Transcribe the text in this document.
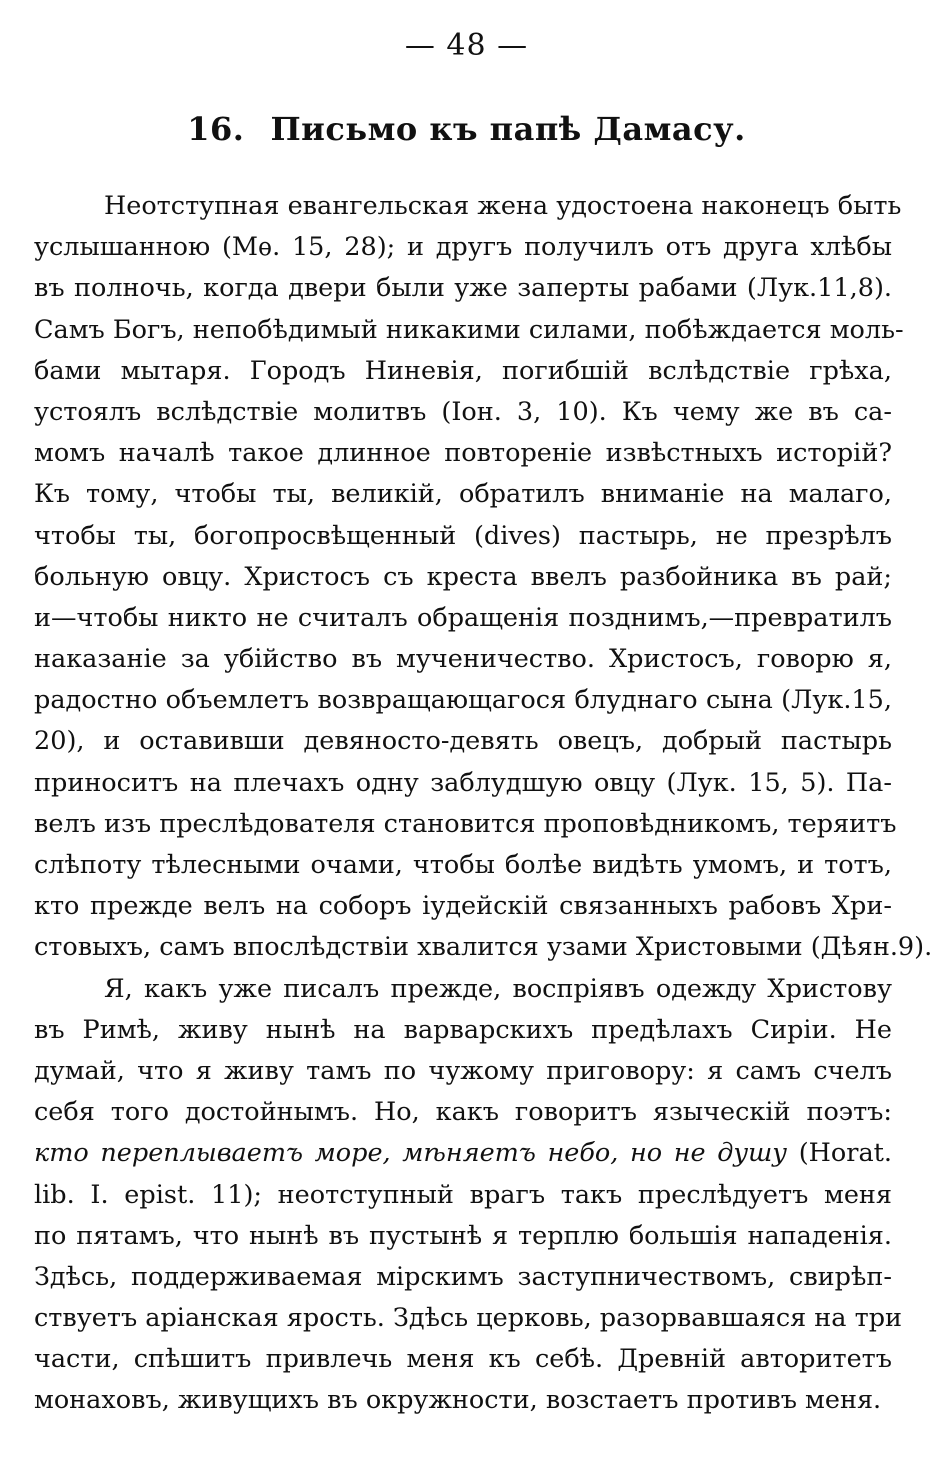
— 48 —
16. Письмо къ папѣ Дамасу.
Неотступная евангельская жена удостоена наконецъ быть
услышанною (Мѳ. 15, 28); и другъ получилъ отъ друга хлѣбы
въ полночь, когда двери были уже заперты рабами (Лук.11,8).
Самъ Богъ, непобѣдимый никакими силами, побѣждается моль-
бами мытаря. Городъ Ниневія, погибшій вслѣдствіе грѣха,
устоялъ вслѣдствіе молитвъ (Іон. 3, 10). Къ чему же въ са-
момъ началѣ такое длинное повтореніе извѣстныхъ исторій?
Къ тому, чтобы ты, великій, обратилъ вниманіе на малаго,
чтобы ты, богопросвѣщенный (dives) пастырь, не презрѣлъ
больную овцу. Христосъ съ креста ввелъ разбойника въ рай;
и—чтобы никто не считалъ обращенія позднимъ,—превратилъ
наказаніе за убійство въ мученичество. Христосъ, говорю я,
радостно объемлетъ возвращающагося блуднаго сына (Лук.15,
20), и оставивши девяносто-девять овецъ, добрый пастырь
приноситъ на плечахъ одну заблудшую овцу (Лук. 15, 5). Па-
велъ изъ преслѣдователя становится проповѣдникомъ, теряитъ
слѣпоту тѣлесными очами, чтобы болѣе видѣть умомъ, и тотъ,
кто прежде велъ на соборъ іудейскій связанныхъ рабовъ Хри-
стовыхъ, самъ впослѣдствіи хвалится узами Христовыми (Дѣян.9).
Я, какъ уже писалъ прежде, воспріявъ одежду Христову
въ Римѣ, живу нынѣ на варварскихъ предѣлахъ Сиріи. Не
думай, что я живу тамъ по чужому приговору: я самъ счелъ
себя того достойнымъ. Но, какъ говоритъ языческій поэтъ:
кто переплываетъ море, мѣняетъ небо, но не душу (Horat.
lib. I. epist. 11); неотступный врагъ такъ преслѣдуетъ меня
по пятамъ, что нынѣ въ пустынѣ я терплю большія нападенія.
Здѣсь, поддерживаемая мірскимъ заступничествомъ, свирѣп-
ствуетъ аріанская ярость. Здѣсь церковь, разорвавшаяся на три
части, спѣшитъ привлечь меня къ себѣ. Древній авторитетъ
монаховъ, живущихъ въ окружности, возстаетъ противъ меня.
